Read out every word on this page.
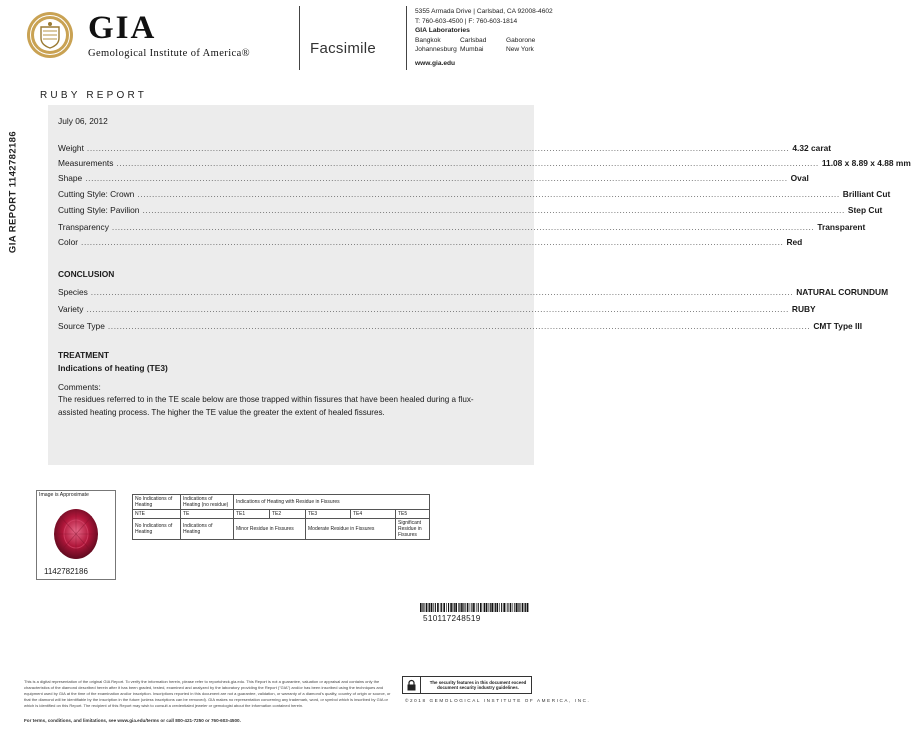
GIA
Gemological Institute of America®	Facsimile
5355 Armada Drive | Carlsbad, CA 92008-4602
T: 760-603-4500 | F: 760-603-1814
GIA Laboratories
Bangkok	Carlsbad	Gaborone
Johannesburg Mumbai	New York
www.gia.edu
RUBY REPORT
GIA REPORT 1142782186
July 06, 2012
Weight .....	4.32 carat
Measurements .....	11.08 x 8.89 x 4.88 mm
Shape .....	Oval
Cutting Style: Crown .....	Brilliant Cut
Cutting Style: Pavilion .....	Step Cut
Transparency .....	Transparent
Color .....	Red
CONCLUSION
Species .....	NATURAL CORUNDUM
Variety .....	RUBY
Source Type .....	CMT Type III
TREATMENT
Indications of heating (TE3)
Comments:
The residues referred to in the TE scale below are those trapped within fissures that have been healed during a flux-assisted heating process. The higher the TE value the greater the extent of healed fissures.
Image is Approximate
1142782186
No Indications of Heating	Indications of Heating (no residue)	Indications of Heating with Residue in Fissures				
NTE	TE	TE1	TE2	TE3	TE4	TE5
No Indications of Heating	Indications of Heating	Minor Residue in Fissures		Moderate Residue in Fissures		Significant Residue in Fissures
510117248519
This is a digital representation of the original GIA Report. To verify the information herein, please refer to reportcheck.gia.edu. This Report is not a guarantee, valuation or appraisal and contains only the characteristics of the diamond described herein after it has been graded, tested, examined and analyzed by the laboratory providing the Report ("GIA") and/or has been inscribed using the techniques and equipment used by GIA at the time of the examination and/or inscription. Inscriptions reported in this document are not a guarantee, validation, or warranty of a diamond's quality, country of origin or source, or that the diamond will be identifiable by the inscription in the future (unless inscriptions can be removed). GIA makes no representation concerning any trademark, word, or symbol which is inscribed by GIA or which is identified on this Report. The recipient of this Report may wish to consult a credentialed jeweler or gemologist about the information contained herein.
For terms, conditions, and limitations, see www.gia.edu/terms or call 800-421-7250 or 760-603-4500.
The security features in this document exceed document security industry guidelines.
©2018 GEMOLOGICAL INSTITUTE OF AMERICA, INC.
